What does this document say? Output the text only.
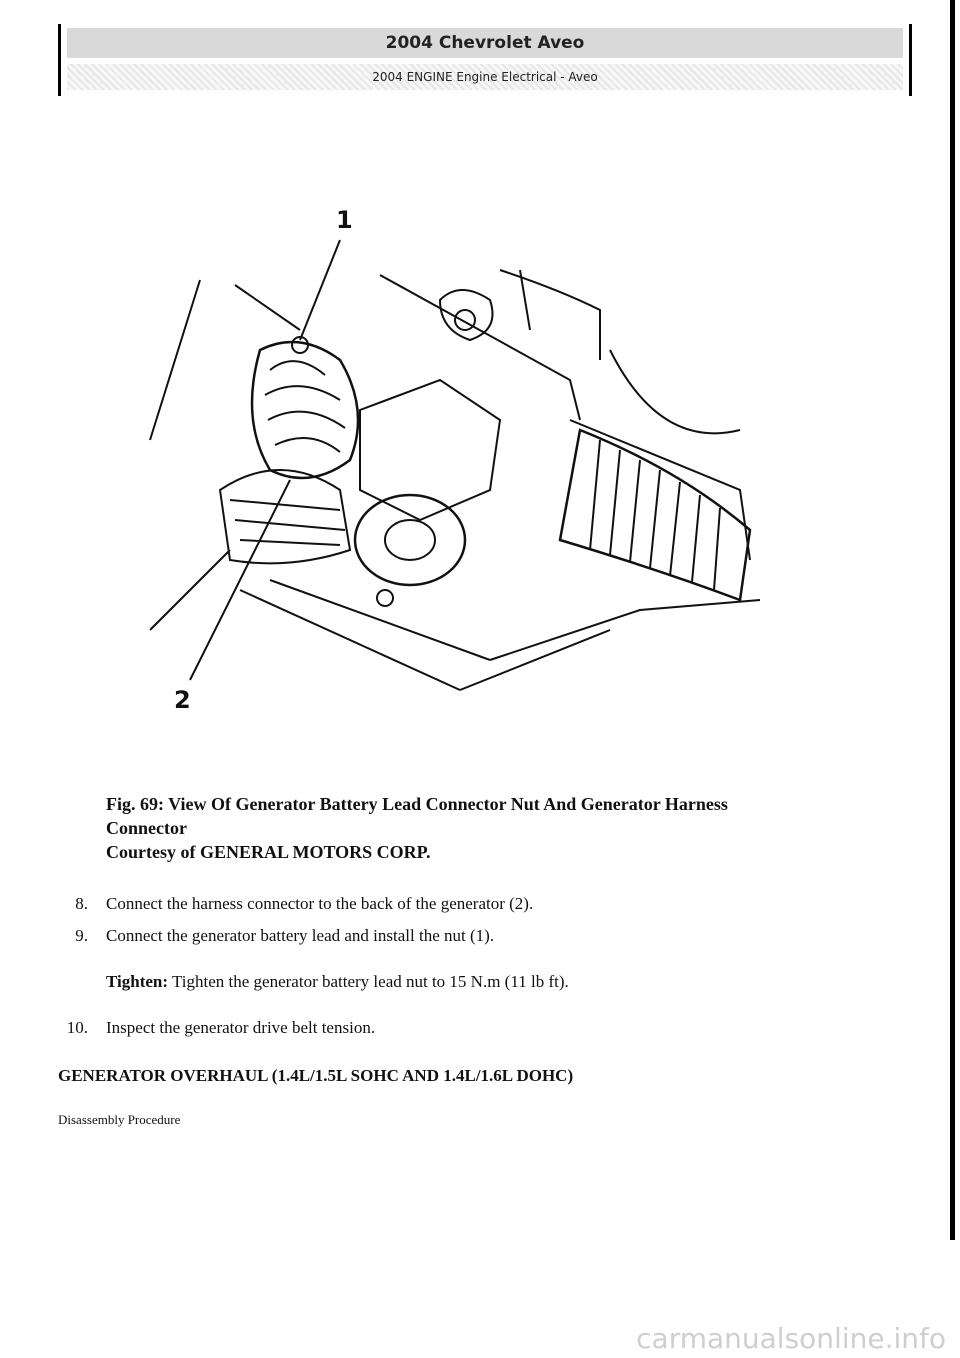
2004 Chevrolet Aveo
2004 ENGINE Engine Electrical - Aveo
1
2
Fig. 69: View Of Generator Battery Lead Connector Nut And Generator Harness
Connector
Courtesy of GENERAL MOTORS CORP.
8. Connect the harness connector to the back of the generator (2).
9. Connect the generator battery lead and install the nut (1).
Tighten: Tighten the generator battery lead nut to 15 N.m (11 lb ft).
10. Inspect the generator drive belt tension.
GENERATOR OVERHAUL (1.4L/1.5L SOHC AND 1.4L/1.6L DOHC)
Disassembly Procedure
carmanualsonline.info
